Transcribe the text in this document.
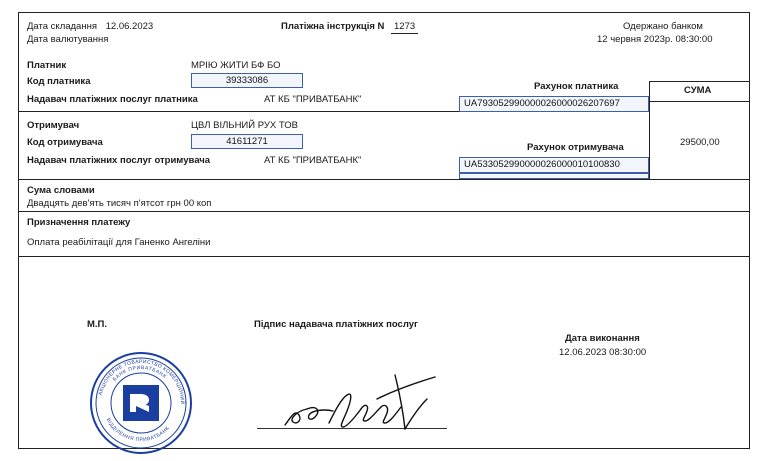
Дата складання 12.06.2023
Дата валютування
Платіжна інструкція N	1273	Одержано банком
12 червня 2023р. 08:30:00
Платник	МРІЮ ЖИТИ БФ БО
Код платника	39333086
Надавач платіжних послуг платника	АТ КБ "ПРИВАТБАНК"
Отримувач	ЦВЛ ВІЛЬНИЙ РУХ ТОВ
Код отримувача	41611271
Надавач платіжних послуг отримувача	АТ КБ "ПРИВАТБАНК"
Рахунок платника
UA793052990000026000026207697
Рахунок отримувача
UA533052990000026000010100830
СУМА
29500,00
Сума словами
Двадцять дев'ять тисяч п'ятсот грн 00 коп
Призначення платежу
Оплата реабілітації для Ганенко Ангеліни
М.П.	Підпис надавача платіжних послуг
Дата виконання
12.06.2023 08:30:00
АКЦІОНЕРНЕ ТОВАРИСТВО КОМЕРЦІЙНИЙ
БАНК ПРИВАТБАНК
ВІДДІЛЕННЯ ПРИВАТБАНК
